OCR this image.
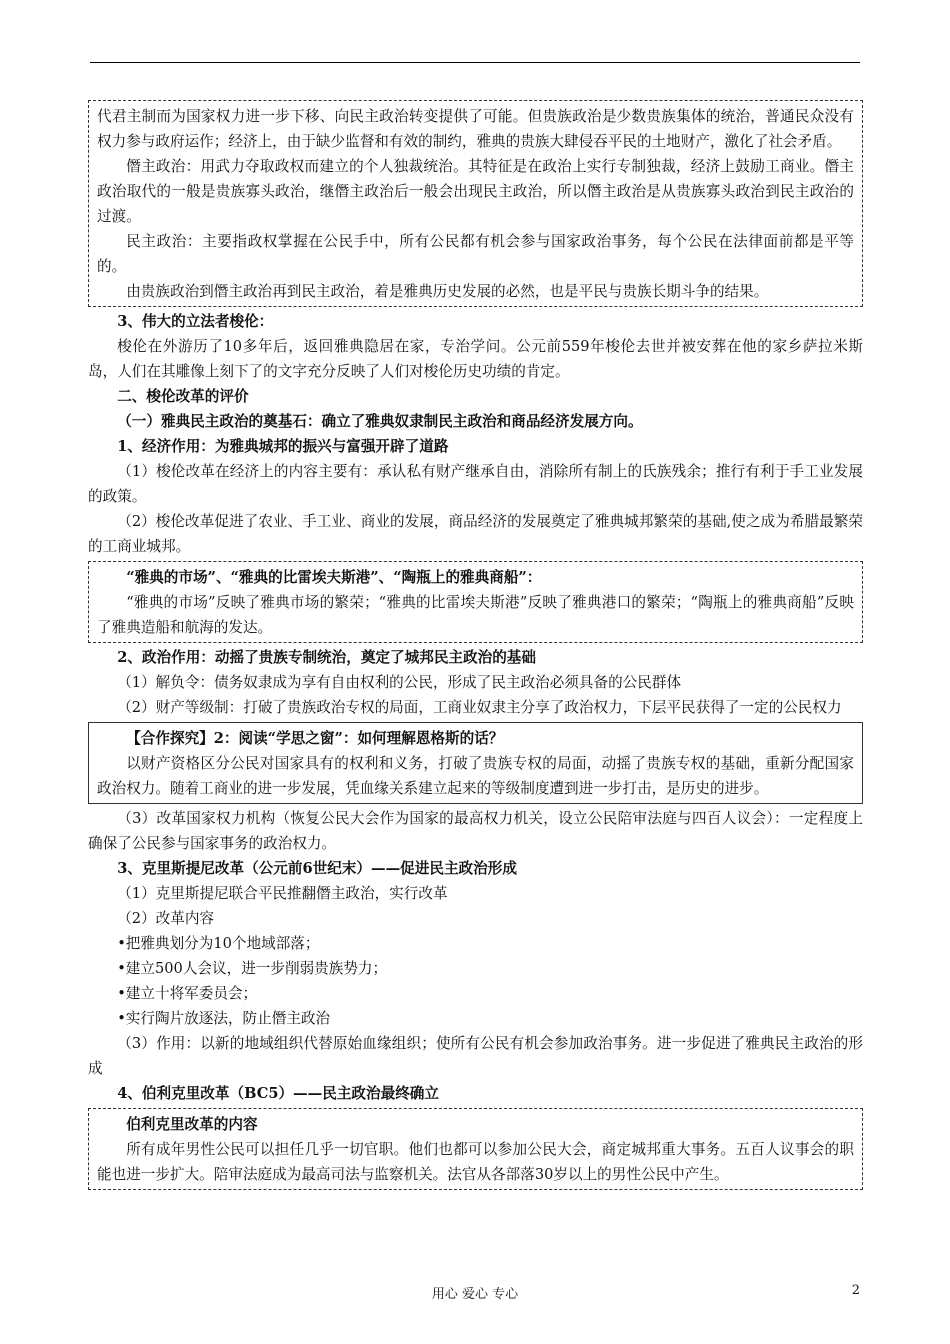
代君主制而为国家权力进一步下移、向民主政治转变提供了可能。但贵族政治是少数贵族集体的统治，普通民众没有权力参与政府运作；经济上，由于缺少监督和有效的制约，雅典的贵族大肆侵吞平民的土地财产，激化了社会矛盾。

僭主政治：用武力夺取政权而建立的个人独裁统治。其特征是在政治上实行专制独裁，经济上鼓励工商业。僭主政治取代的一般是贵族寡头政治，继僭主政治后一般会出现民主政治，所以僭主政治是从贵族寡头政治到民主政治的过渡。

民主政治：主要指政权掌握在公民手中，所有公民都有机会参与国家政治事务，每个公民在法律面前都是平等的。

由贵族政治到僭主政治再到民主政治，着是雅典历史发展的必然，也是平民与贵族长期斗争的结果。

3、伟大的立法者梭伦：

梭伦在外游历了10多年后，返回雅典隐居在家，专治学问。公元前559年梭伦去世并被安葬在他的家乡萨拉米斯岛，人们在其雕像上刻下了的文字充分反映了人们对梭伦历史功绩的肯定。

二、梭伦改革的评价

（一）雅典民主政治的奠基石：确立了雅典奴隶制民主政治和商品经济发展方向。

1、经济作用：为雅典城邦的振兴与富强开辟了道路

（1）梭伦改革在经济上的内容主要有：承认私有财产继承自由，消除所有制上的氏族残余；推行有利于手工业发展的政策。

（2）梭伦改革促进了农业、手工业、商业的发展，商品经济的发展奠定了雅典城邦繁荣的基础,使之成为希腊最繁荣的工商业城邦。

“雅典的市场”、“雅典的比雷埃夫斯港”、“陶瓶上的雅典商船”：

“雅典的市场”反映了雅典市场的繁荣；“雅典的比雷埃夫斯港”反映了雅典港口的繁荣；“陶瓶上的雅典商船”反映了雅典造船和航海的发达。

2、政治作用：动摇了贵族专制统治，奠定了城邦民主政治的基础

（1）解负令：债务奴隶成为享有自由权利的公民，形成了民主政治必须具备的公民群体

（2）财产等级制：打破了贵族政治专权的局面，工商业奴隶主分享了政治权力，下层平民获得了一定的公民权力

【合作探究】2：阅读“学思之窗”：如何理解恩格斯的话？

以财产资格区分公民对国家具有的权利和义务，打破了贵族专权的局面，动摇了贵族专权的基础，重新分配国家政治权力。随着工商业的进一步发展，凭血缘关系建立起来的等级制度遭到进一步打击，是历史的进步。

（3）改革国家权力机构（恢复公民大会作为国家的最高权力机关，设立公民陪审法庭与四百人议会）：一定程度上确保了公民参与国家事务的政治权力。

3、克里斯提尼改革（公元前6世纪末）——促进民主政治形成

（1）克里斯提尼联合平民推翻僭主政治，实行改革

（2）改革内容

•把雅典划分为10个地域部落；

•建立500人会议，进一步削弱贵族势力；

•建立十将军委员会；

•实行陶片放逐法，防止僭主政治

（3）作用：以新的地域组织代替原始血缘组织；使所有公民有机会参加政治事务。进一步促进了雅典民主政治的形成

4、伯利克里改革（BC5）——民主政治最终确立

伯利克里改革的内容

所有成年男性公民可以担任几乎一切官职。他们也都可以参加公民大会，商定城邦重大事务。五百人议事会的职能也进一步扩大。陪审法庭成为最高司法与监察机关。法官从各部落30岁以上的男性公民中产生。

用心 爱心 专心	2
